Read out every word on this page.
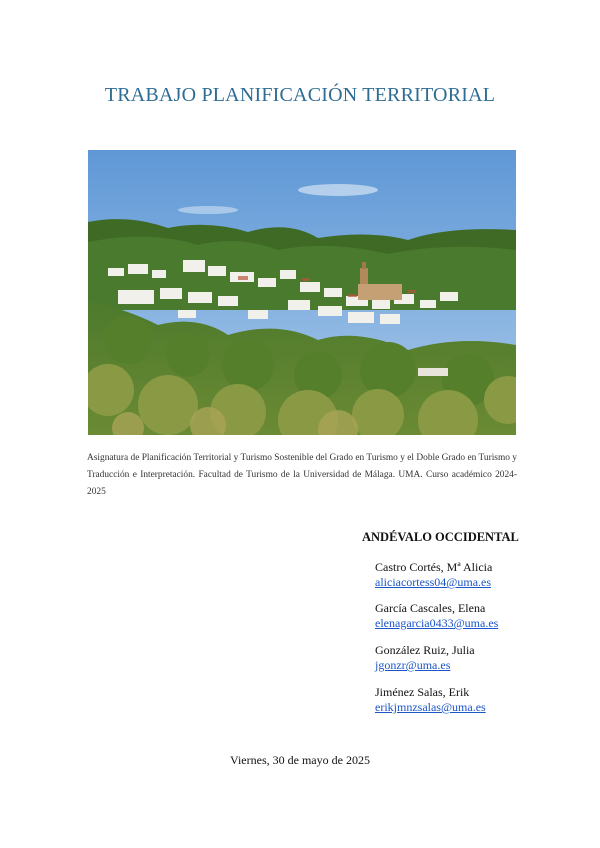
TRABAJO PLANIFICACIÓN TERRITORIAL
Asignatura de Planificación Territorial y Turismo Sostenible del Grado en Turismo y el Doble Grado en Turismo y Traducción e Interpretación. Facultad de Turismo de la Universidad de Málaga. UMA. Curso académico 2024-2025
ANDÉVALO OCCIDENTAL
Castro Cortés, Mª Alicia
aliciacortess04@uma.es
García Cascales, Elena
elenagarcia0433@uma.es
González Ruiz, Julia
jgonzr@uma.es
Jiménez Salas, Erik
erikjmnzsalas@uma.es
Viernes, 30 de mayo de 2025
